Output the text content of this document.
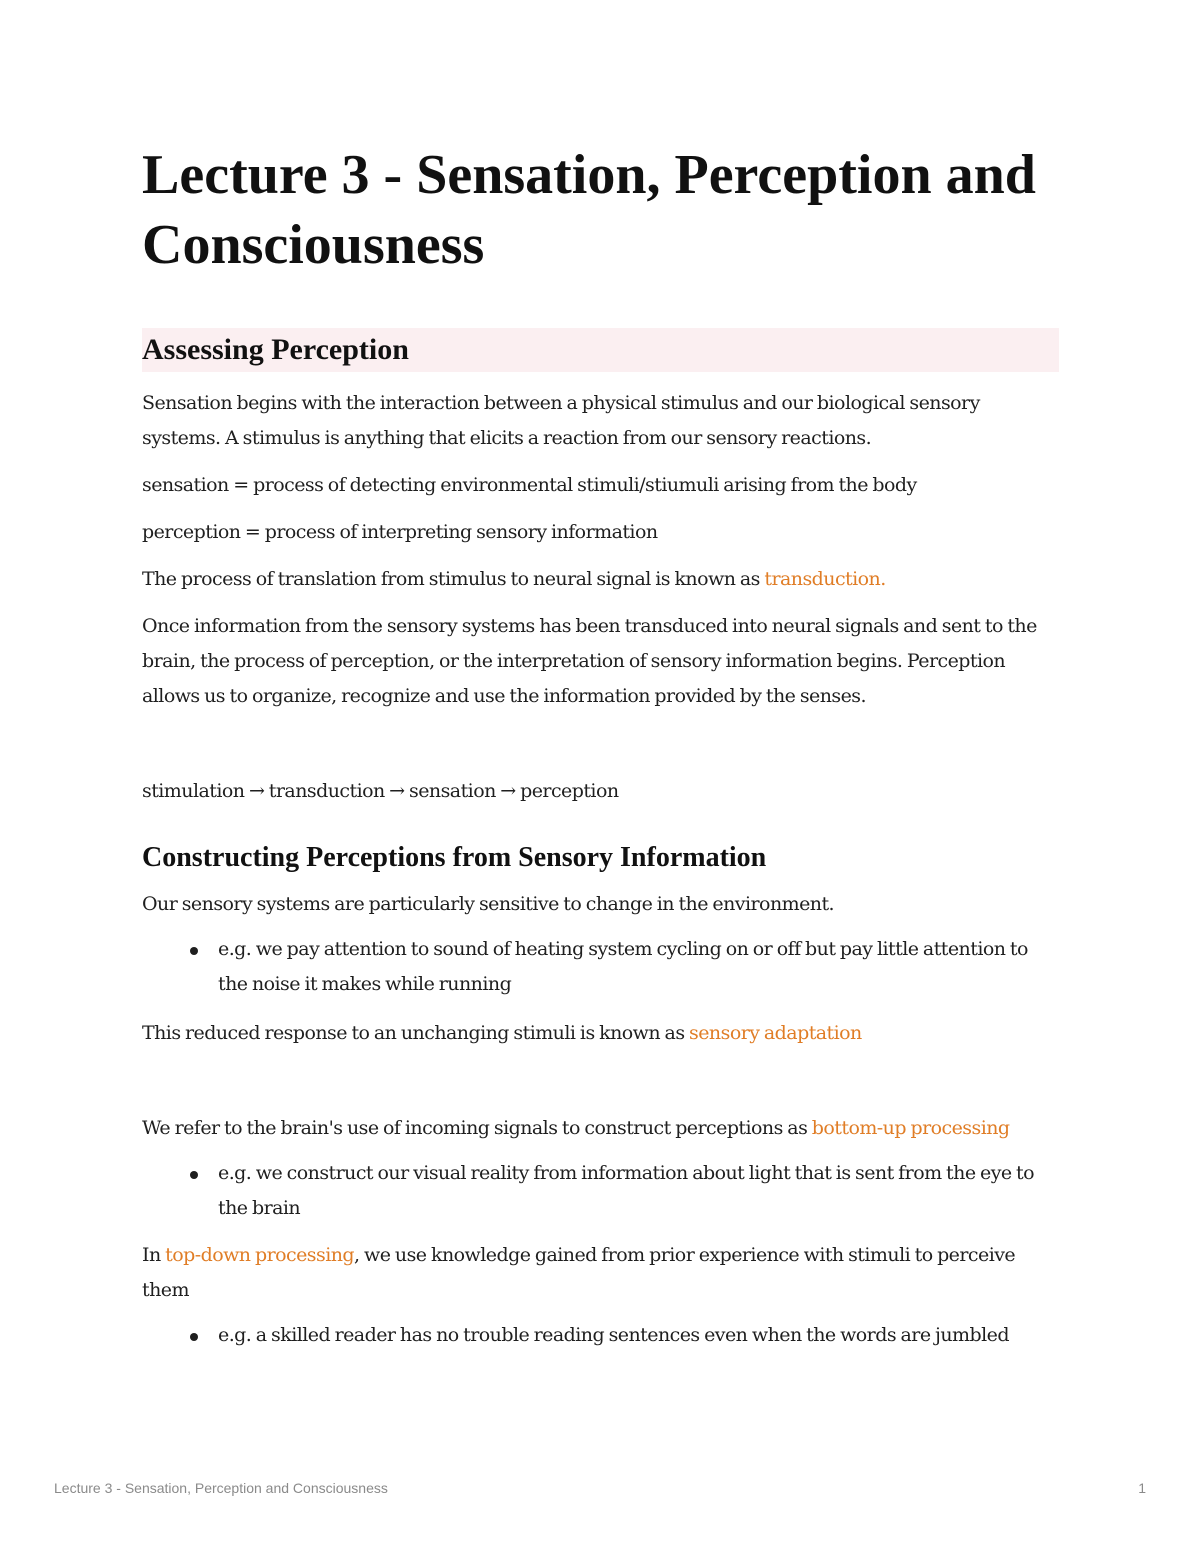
Lecture 3 - Sensation, Perception and Consciousness
Assessing Perception

Sensation begins with the interaction between a physical stimulus and our biological sensory systems. A stimulus is anything that elicits a reaction from our sensory reactions.

sensation = process of detecting environmental stimuli/stiumuli arising from the body

perception = process of interpreting sensory information

The process of translation from stimulus to neural signal is known as transduction.

Once information from the sensory systems has been transduced into neural signals and sent to the brain, the process of perception, or the interpretation of sensory information begins. Perception allows us to organize, recognize and use the information provided by the senses.

stimulation → transduction → sensation → perception

Constructing Perceptions from Sensory Information

Our sensory systems are particularly sensitive to change in the environment.

e.g. we pay attention to sound of heating system cycling on or off but pay little attention to the noise it makes while running

This reduced response to an unchanging stimuli is known as sensory adaptation

We refer to the brain's use of incoming signals to construct perceptions as bottom-up processing

e.g. we construct our visual reality from information about light that is sent from the eye to the brain

In top-down processing, we use knowledge gained from prior experience with stimuli to perceive them

e.g. a skilled reader has no trouble reading sentences even when the words are jumbled

Lecture 3 - Sensation, Perception and Consciousness	1
